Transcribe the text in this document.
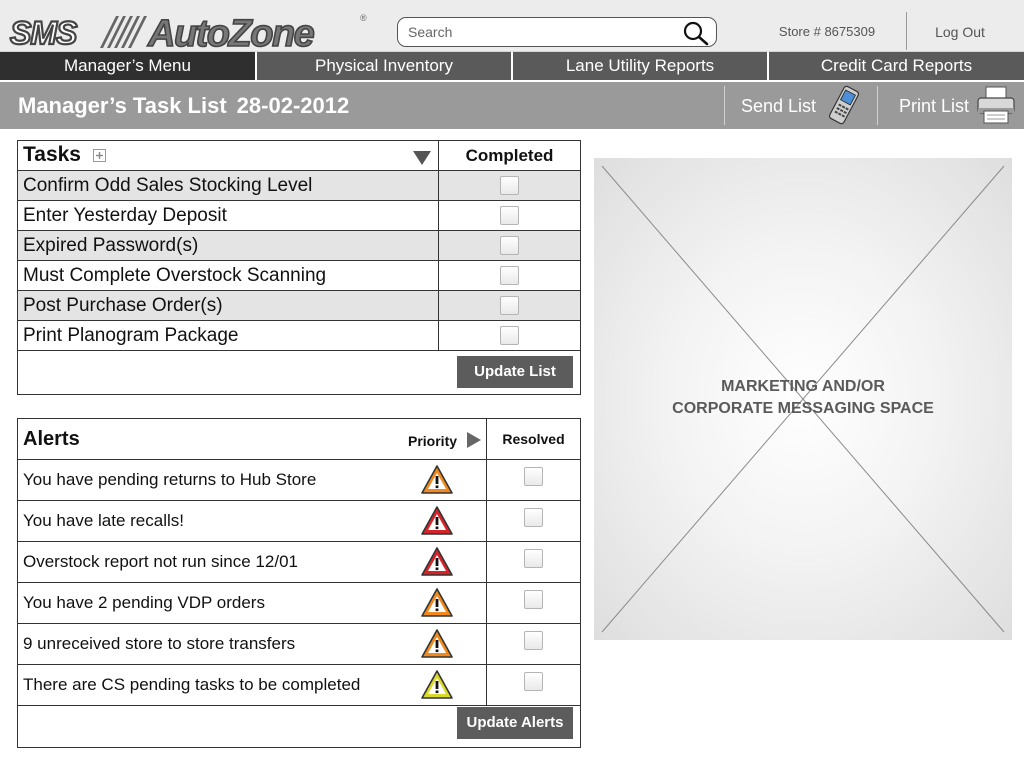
SMS AutoZone	®
Search
Store # 8675309	Log Out
Manager’s Menu	Physical Inventory	Lane Utility Reports	Credit Card Reports
Manager’s Task List 28-02-2012	Send List	Print List
Tasks	Completed
Confirm Odd Sales Stocking Level
Enter Yesterday Deposit
Expired Password(s)
Must Complete Overstock Scanning
Post Purchase Order(s)
Print Planogram Package
Update List
Alerts	Priority	Resolved
You have pending returns to Hub Store
You have late recalls!
Overstock report not run since 12/01
You have 2 pending VDP orders
9 unreceived store to store transfers
There are CS pending tasks to be completed
Update Alerts
MARKETING AND/OR
CORPORATE MESSAGING SPACE
